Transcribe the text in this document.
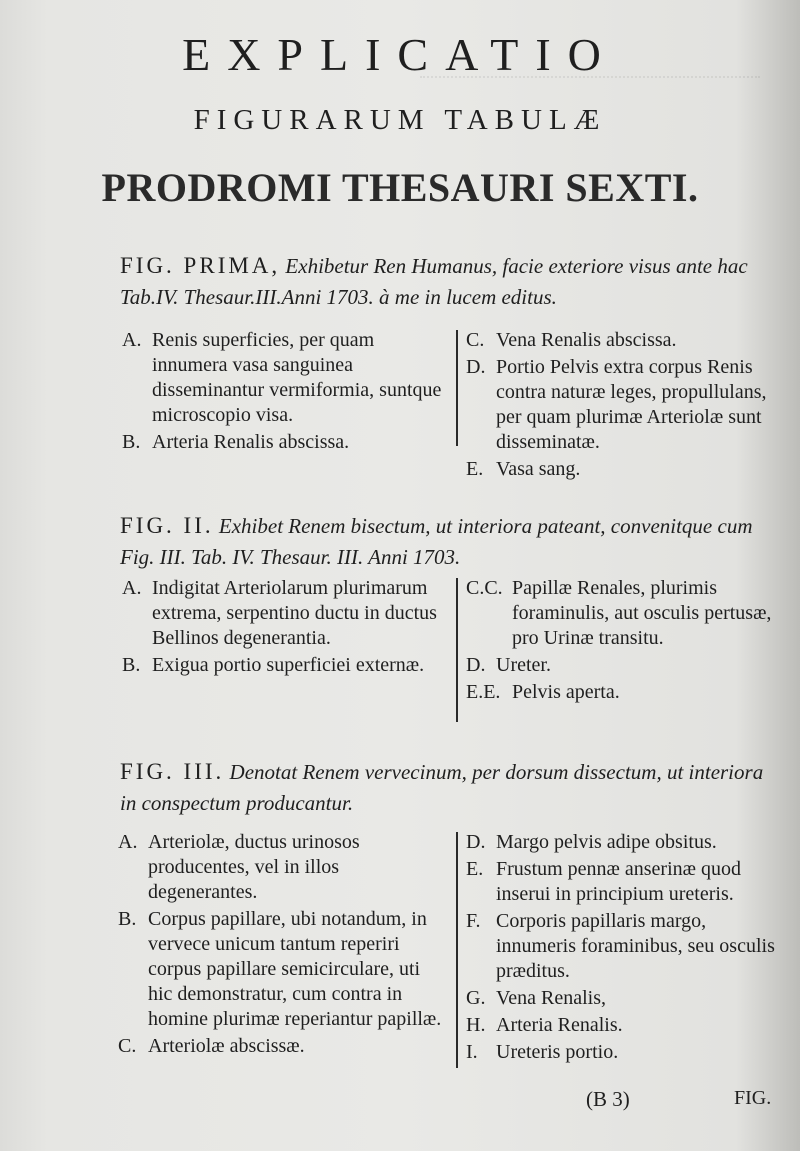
EXPLICATIO
FIGURARUM TABULÆ
PRODROMI THESAURI SEXTI.
FIG. PRIMA, Exhibetur Ren Humanus, facie exteriore visus ante hac Tab.IV. Thesaur.III.Anni 1703. à me in lucem editus.

A. Renis superficies, per quam innumera vasa sanguinea disseminantur vermiformia, suntque microscopio visa.

B. Arteria Renalis abscissa.

C. Vena Renalis abscissa.

D. Portio Pelvis extra corpus Renis contra naturæ leges, propullulans, per quam plurimæ Arteriolæ sunt disseminatæ.

E. Vasa sang.

FIG. II. Exhibet Renem bisectum, ut interiora pateant, convenitque cum Fig. III. Tab. IV. Thesaur. III. Anni 1703.

A. Indigitat Arteriolarum plurimarum extrema, serpentino ductu in ductus Bellinos degenerantia.

B. Exigua portio superficiei externæ.

C.C. Papillæ Renales, plurimis foraminulis, aut osculis pertusæ, pro Urinæ transitu.

D. Ureter.

E.E. Pelvis aperta.

FIG. III. Denotat Renem vervecinum, per dorsum dissectum, ut interiora in conspectum producantur.

A. Arteriolæ, ductus urinosos producentes, vel in illos degenerantes.

B. Corpus papillare, ubi notandum, in vervece unicum tantum reperiri corpus papillare semicirculare, uti hic demonstratur, cum contra in homine plurimæ reperiantur papillæ.

C. Arteriolæ abscissæ.

D. Margo pelvis adipe obsitus.

E. Frustum pennæ anserinæ quod inserui in principium ureteris.

F. Corporis papillaris margo, innumeris foraminibus, seu osculis præditus.

G. Vena Renalis,

H. Arteria Renalis.

I. Ureteris portio.

(B 3)	FIG.
